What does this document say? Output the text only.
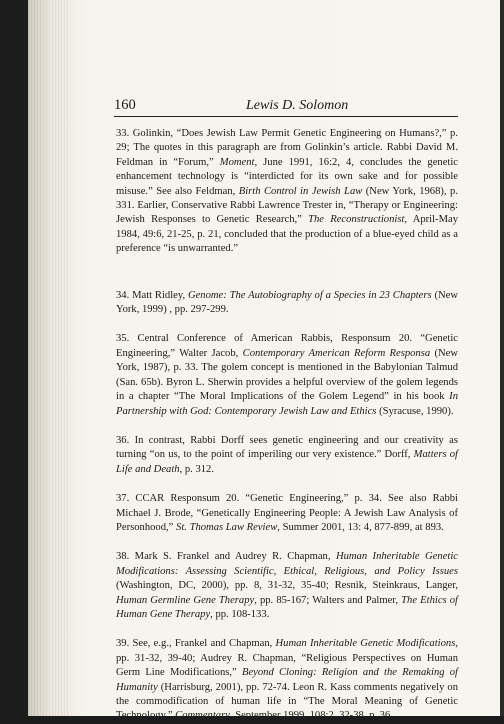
160	Lewis D. Solomon

33. Golinkin, “Does Jewish Law Permit Genetic Engineering on Humans?,” p. 29; The quotes in this paragraph are from Golinkin’s article. Rabbi David M. Feldman in “Forum,” Moment, June 1991, 16:2, 4, concludes the genetic enhancement technology is “interdicted for its own sake and for possible misuse.” See also Feldman, Birth Control in Jewish Law (New York, 1968), p. 331. Earlier, Conservative Rabbi Lawrence Trester in, “Therapy or Engineering: Jewish Responses to Genetic Research,” The Reconstructionist, April-May 1984, 49:6, 21-25, p. 21, concluded that the production of a blue-eyed child as a preference “is unwarranted.”

34. Matt Ridley, Genome: The Autobiography of a Species in 23 Chapters (New York, 1999) , pp. 297-299.

35. Central Conference of American Rabbis, Responsum 20. “Genetic Engineering,” Walter Jacob, Contemporary American Reform Responsa (New York, 1987), p. 33. The golem concept is mentioned in the Babylonian Talmud (San. 65b). Byron L. Sherwin provides a helpful overview of the golem legends in a chapter “The Moral Implications of the Golem Legend” in his book In Partnership with God: Contemporary Jewish Law and Ethics (Syracuse, 1990).

36. In contrast, Rabbi Dorff sees genetic engineering and our creativity as turning “on us, to the point of imperiling our very existence.” Dorff, Matters of Life and Death, p. 312.

37. CCAR Responsum 20. “Genetic Engineering,” p. 34. See also Rabbi Michael J. Brode, “Genetically Engineering People: A Jewish Law Analysis of Personhood,” St. Thomas Law Review, Summer 2001, 13: 4, 877-899, at 893.

38. Mark S. Frankel and Audrey R. Chapman, Human Inheritable Genetic Modifications: Assessing Scientific, Ethical, Religious, and Policy Issues (Washington, DC, 2000), pp. 8, 31-32, 35-40; Resnik, Steinkraus, Langer, Human Germline Gene Therapy, pp. 85-167; Walters and Palmer, The Ethics of Human Gene Therapy, pp. 108-133.

39. See, e.g., Frankel and Chapman, Human Inheritable Genetic Modifications, pp. 31-32, 39-40; Audrey R. Chapman, “Religious Perspectives on Human Germ Line Modifications,” Beyond Cloning: Religion and the Remaking of Humanity (Harrisburg, 2001), pp. 72-74. Leon R. Kass comments negatively on the commodification of human life in “The Moral Meaning of Genetic Technology,” Commentary, September 1999, 108:2, 32-38, p. 36.
